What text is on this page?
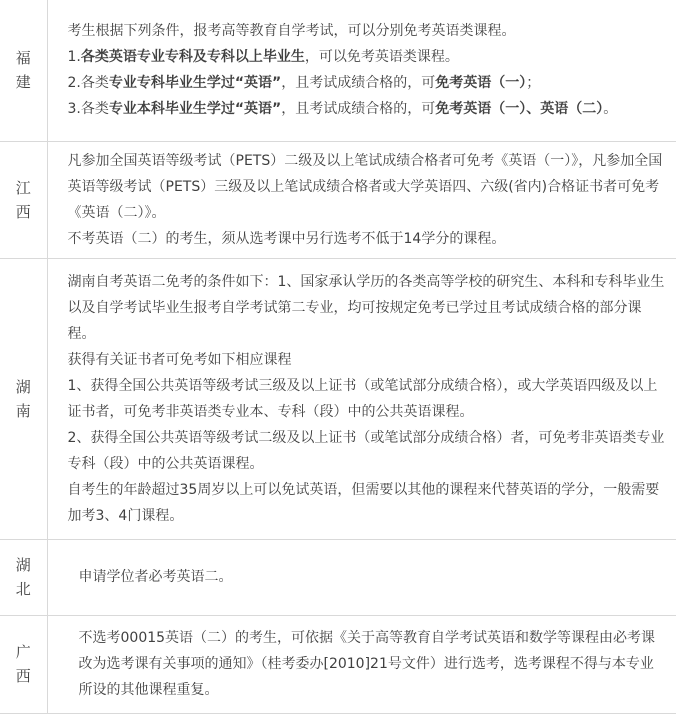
福建	考生根据下列条件，报考高等教育自学考试，可以分别免考英语类课程。
1.各类英语专业专科及专科以上毕业生，可以免考英语类课程。
2.各类专业专科毕业生学过“英语”，且考试成绩合格的，可免考英语（一）；
3.各类专业本科毕业生学过“英语”，且考试成绩合格的，可免考英语（一）、英语（二）。

江西	凡参加全国英语等级考试（PETS）二级及以上笔试成绩合格者可免考《英语（一）》，凡参加全国英语等级考试（PETS）三级及以上笔试成绩合格者或大学英语四、六级(省内)合格证书者可免考《英语（二）》。
不考英语（二）的考生，须从选考课中另行选考不低于14学分的课程。

湖南	湖南自考英语二免考的条件如下：1、国家承认学历的各类高等学校的研究生、本科和专科毕业生以及自学考试毕业生报考自学考试第二专业，均可按规定免考已学过且考试成绩合格的部分课程。
获得有关证书者可免考如下相应课程
1、获得全国公共英语等级考试三级及以上证书（或笔试部分成绩合格），或大学英语四级及以上证书者，可免考非英语类专业本、专科（段）中的公共英语课程。
2、获得全国公共英语等级考试二级及以上证书（或笔试部分成绩合格）者，可免考非英语类专业专科（段）中的公共英语课程。
自考生的年龄超过35周岁以上可以免试英语，但需要以其他的课程来代替英语的学分，一般需要加考3、4门课程。

湖北	申请学位者必考英语二。

广西	不选考00015英语（二）的考生，可依据《关于高等教育自学考试英语和数学等课程由必考课改为选考课有关事项的通知》（桂考委办[2010]21号文件）进行选考，选考课程不得与本专业所设的其他课程重复。
